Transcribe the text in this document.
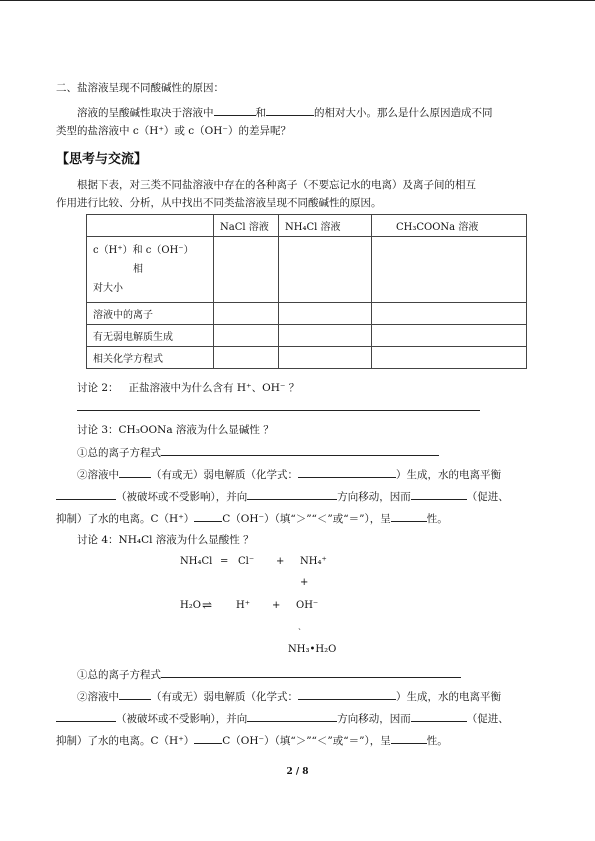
二、盐溶液呈现不同酸碱性的原因：
溶液的呈酸碱性取决于溶液中	和	的相对大小。那么是什么原因造成不同
类型的盐溶液中 c（H⁺）或 c（OH⁻）的差异呢？
【思考与交流】
根据下表，对三类不同盐溶液中存在的各种离子（不要忘记水的电离）及离子间的相互
作用进行比较、分析，从中找出不同类盐溶液呈现不同酸碱性的原因。
	NaCl 溶液	NH₄Cl 溶液	CH₃COONa 溶液

c（H⁺）和 c（OH⁻）
相
对大小			

溶液中的离子			
有无弱电解质生成			
相关化学方程式			
讨论 2： 正盐溶液中为什么含有 H⁺、OH⁻ ？
讨论 3：CH₃OONa 溶液为什么显碱性 ？
①总的离子方程式
②溶液中	（有或无）弱电解质（化学式：	）生成，水的电离平衡
（被破坏或不受影响），并向	方向移动，因而	（促进、
抑制）了水的电离。C（H⁺）	C（OH⁻）（填“＞”“＜”或“＝”），呈	性。
讨论 4：NH₄Cl 溶液为什么显酸性 ？
NH₄Cl = Cl⁻ + NH₄⁺
+
H₂O ⇌ H⁺ + OH⁻
ˏ
NH₃•H₂O
①总的离子方程式
②溶液中	（有或无）弱电解质（化学式：	）生成，水的电离平衡
（被破坏或不受影响），并向	方向移动，因而	（促进、
抑制）了水的电离。C（H⁺）	C（OH⁻）（填“＞”“＜”或“＝”），呈	性。
2 / 8
